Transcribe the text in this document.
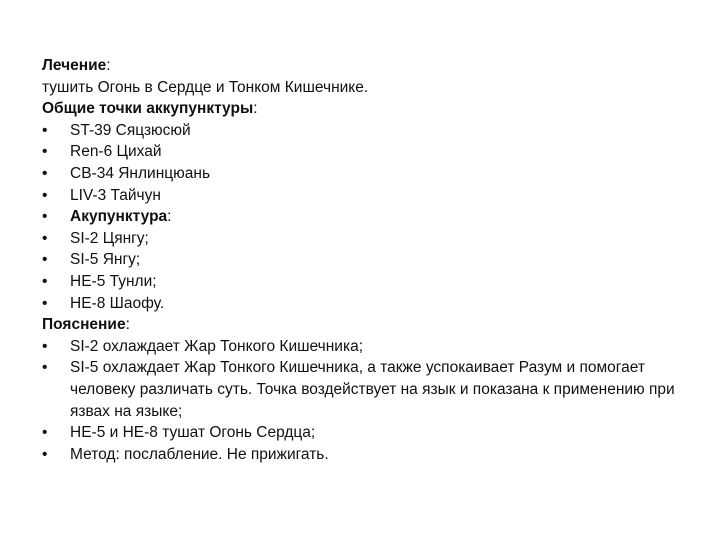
Лечение:
тушить Огонь в Сердце и Тонком Кишечнике.
Общие точки аккупунктуры:
•	ST-39 Сяцзюсюй
•	Ren-6 Цихай
•	CB-34 Янлинцюань
•	LIV-3 Тайчун
•	Акупунктура:
•	SI-2 Цянгу;
•	SI-5 Янгу;
•	HE-5 Тунли;
•	HE-8 Шаофу.
Пояснение:
•	SI-2 охлаждает Жар Тонкого Кишечника;
•	SI-5 охлаждает Жар Тонкого Кишечника, а также успокаивает Разум и помогает человеку различать суть. Точка воздействует на язык и показана к применению при язвах на языке;
•	HE-5 и HE-8 тушат Огонь Сердца;
•	Метод: послабление. Не прижигать.
